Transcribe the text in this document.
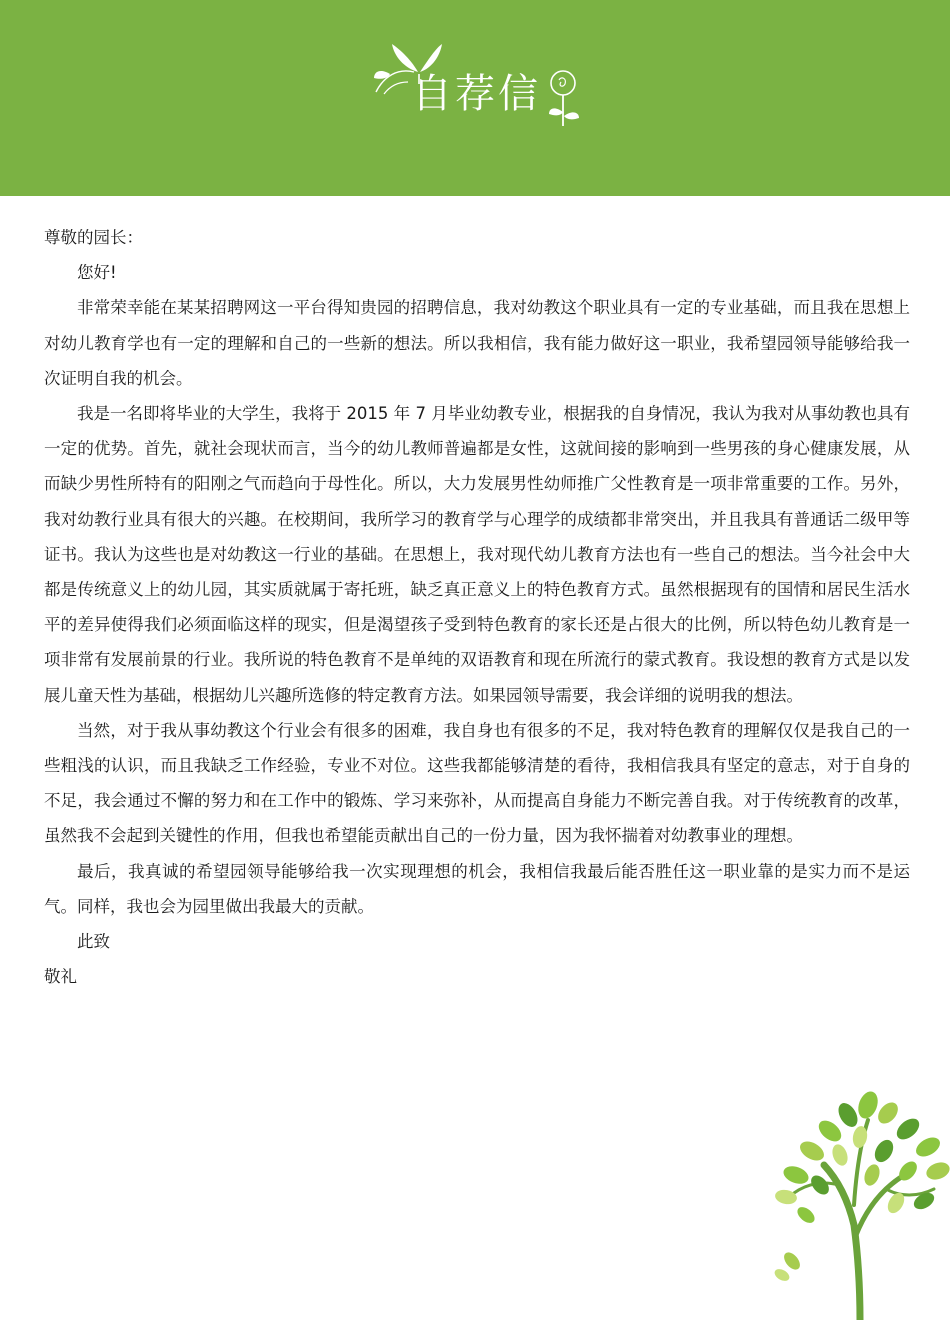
自荐信

尊敬的园长：

您好!

非常荣幸能在某某招聘网这一平台得知贵园的招聘信息，我对幼教这个职业具有一定的专业基础，而且我在思想上对幼儿教育学也有一定的理解和自己的一些新的想法。所以我相信，我有能力做好这一职业，我希望园领导能够给我一次证明自我的机会。

我是一名即将毕业的大学生，我将于 2015 年 7 月毕业幼教专业，根据我的自身情况，我认为我对从事幼教也具有一定的优势。首先，就社会现状而言，当今的幼儿教师普遍都是女性，这就间接的影响到一些男孩的身心健康发展，从而缺少男性所特有的阳刚之气而趋向于母性化。所以，大力发展男性幼师推广父性教育是一项非常重要的工作。另外，我对幼教行业具有很大的兴趣。在校期间，我所学习的教育学与心理学的成绩都非常突出，并且我具有普通话二级甲等证书。我认为这些也是对幼教这一行业的基础。在思想上，我对现代幼儿教育方法也有一些自己的想法。当今社会中大都是传统意义上的幼儿园，其实质就属于寄托班，缺乏真正意义上的特色教育方式。虽然根据现有的国情和居民生活水平的差异使得我们必须面临这样的现实，但是渴望孩子受到特色教育的家长还是占很大的比例，所以特色幼儿教育是一项非常有发展前景的行业。我所说的特色教育不是单纯的双语教育和现在所流行的蒙式教育。我设想的教育方式是以发展儿童天性为基础，根据幼儿兴趣所选修的特定教育方法。如果园领导需要，我会详细的说明我的想法。

当然，对于我从事幼教这个行业会有很多的困难，我自身也有很多的不足，我对特色教育的理解仅仅是我自己的一些粗浅的认识，而且我缺乏工作经验，专业不对位。这些我都能够清楚的看待，我相信我具有坚定的意志，对于自身的不足，我会通过不懈的努力和在工作中的锻炼、学习来弥补，从而提高自身能力不断完善自我。对于传统教育的改革，虽然我不会起到关键性的作用，但我也希望能贡献出自己的一份力量，因为我怀揣着对幼教事业的理想。

最后，我真诚的希望园领导能够给我一次实现理想的机会，我相信我最后能否胜任这一职业靠的是实力而不是运气。同样，我也会为园里做出我最大的贡献。

此致

敬礼
